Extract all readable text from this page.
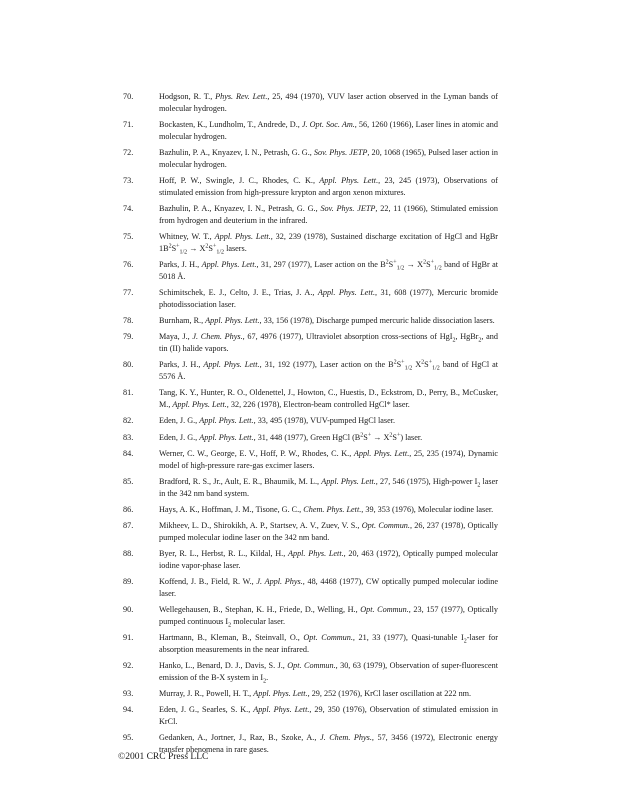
70.	Hodgson, R. T., Phys. Rev. Lett., 25, 494 (1970), VUV laser action observed in the Lyman bands of molecular hydrogen.
71.	Bockasten, K., Lundholm, T., Andrede, D., J. Opt. Soc. Am., 56, 1260 (1966), Laser lines in atomic and molecular hydrogen.
72.	Bazhulin, P. A., Knyazev, I. N., Petrash, G. G., Sov. Phys. JETP, 20, 1068 (1965), Pulsed laser action in molecular hydrogen.
73.	Hoff, P. W., Swingle, J. C., Rhodes, C. K., Appl. Phys. Lett., 23, 245 (1973), Observations of stimulated emission from high-pressure krypton and argon xenon mixtures.
74.	Bazhulin, P. A., Knyazev, I. N., Petrash, G. G., Sov. Phys. JETP, 22, 11 (1966), Stimulated emission from hydrogen and deuterium in the infrared.
75.	Whitney, W. T., Appl. Phys. Lett., 32, 239 (1978), Sustained discharge excitation of HgCl and HgBr $1B^2S^+_{1/2} \to X^2S^+_{1/2}$ lasers.
76.	Parks, J. H., Appl. Phys. Lett., 31, 297 (1977), Laser action on the $B^2S^+_{1/2} \to X^2S^+_{1/2}$ band of HgBr at 5018 Å.
77.	Schimitschek, E. J., Celto, J. E., Trias, J. A., Appl. Phys. Lett., 31, 608 (1977), Mercuric bromide photodissociation laser.
78.	Burnham, R., Appl. Phys. Lett., 33, 156 (1978), Discharge pumped mercuric halide dissociation lasers.
79.	Maya, J., J. Chem. Phys., 67, 4976 (1977), Ultraviolet absorption cross-sections of HgI$_2$, HgBr$_2$, and tin (II) halide vapors.
80.	Parks, J. H., Appl. Phys. Lett., 31, 192 (1977), Laser action on the $B^2S^+_{1/2}$ $X^2S^+_{1/2}$ band of HgCl at 5576 Å.
81.	Tang, K. Y., Hunter, R. O., Oldenettel, J., Howton, C., Huestis, D., Eckstrom, D., Perry, B., McCusker, M., Appl. Phys. Lett., 32, 226 (1978), Electron-beam controlled HgCl* laser.
82.	Eden, J. G., Appl. Phys. Lett., 33, 495 (1978), VUV-pumped HgCl laser.
83.	Eden, J. G., Appl. Phys. Lett., 31, 448 (1977), Green HgCl $(B^2S^+ \to X^2S^+)$ laser.
84.	Werner, C. W., George, E. V., Hoff, P. W., Rhodes, C. K., Appl. Phys. Lett., 25, 235 (1974), Dynamic model of high-pressure rare-gas excimer lasers.
85.	Bradford, R. S., Jr., Ault, E. R., Bhaumik, M. L., Appl. Phys. Lett., 27, 546 (1975), High-power $I_2$ laser in the 342 nm band system.
86.	Hays, A. K., Hoffman, J. M., Tisone, G. C., Chem. Phys. Lett., 39, 353 (1976), Molecular iodine laser.
87.	Mikheev, L. D., Shirokikh, A. P., Startsev, A. V., Zuev, V. S., Opt. Commun., 26, 237 (1978), Optically pumped molecular iodine laser on the 342 nm band.
88.	Byer, R. L., Herbst, R. L., Kildal, H., Appl. Phys. Lett., 20, 463 (1972), Optically pumped molecular iodine vapor-phase laser.
89.	Koffend, J. B., Field, R. W., J. Appl. Phys., 48, 4468 (1977), CW optically pumped molecular iodine laser.
90.	Wellegehausen, B., Stephan, K. H., Friede, D., Welling, H., Opt. Commun., 23, 157 (1977), Optically pumped continuous $I_2$ molecular laser.
91.	Hartmann, B., Kleman, B., Steinvall, O., Opt. Commun., 21, 33 (1977), Quasi-tunable $I_2$-laser for absorption measurements in the near infrared.
92.	Hanko, L., Benard, D. J., Davis, S. J., Opt. Commun., 30, 63 (1979), Observation of super-fluorescent emission of the B-X system in $I_2$.
93.	Murray, J. R., Powell, H. T., Appl. Phys. Lett., 29, 252 (1976), KrCl laser oscillation at 222 nm.
94.	Eden, J. G., Searles, S. K., Appl. Phys. Lett., 29, 350 (1976), Observation of stimulated emission in KrCl.
95.	Gedanken, A., Jortner, J., Raz, B., Szoke, A., J. Chem. Phys., 57, 3456 (1972), Electronic energy transfer phenomena in rare gases.
©2001 CRC Press LLC
